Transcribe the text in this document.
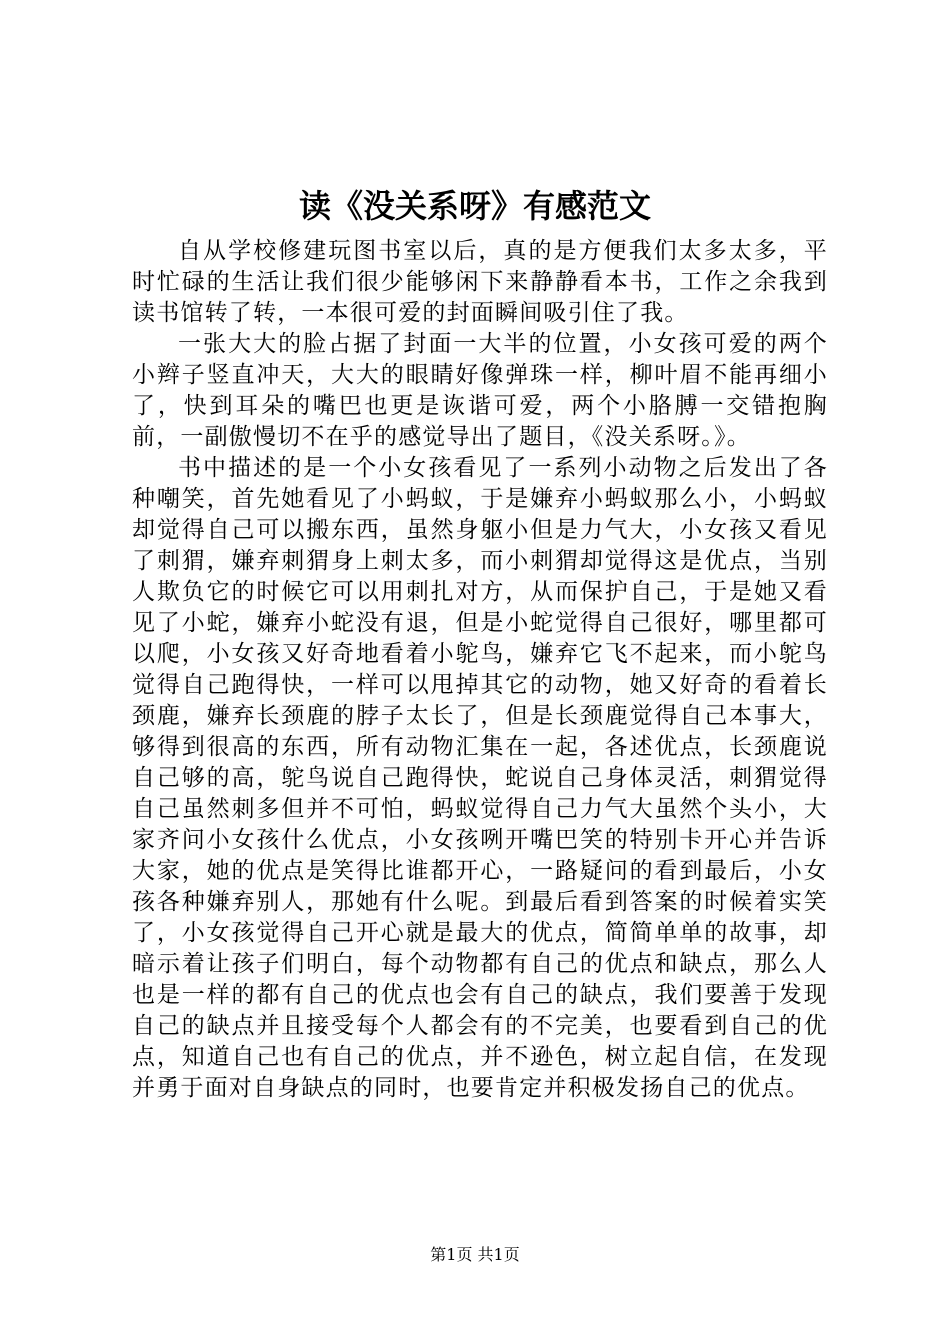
读《没关系呀》有感范文

自从学校修建玩图书室以后，真的是方便我们太多太多，平时忙碌的生活让我们很少能够闲下来静静看本书，工作之余我到读书馆转了转，一本很可爱的封面瞬间吸引住了我。

一张大大的脸占据了封面一大半的位置，小女孩可爱的两个小辫子竖直冲天，大大的眼睛好像弹珠一样，柳叶眉不能再细小了，快到耳朵的嘴巴也更是诙谐可爱，两个小胳膊一交错抱胸前，一副傲慢切不在乎的感觉导出了题目，《没关系呀。》。

书中描述的是一个小女孩看见了一系列小动物之后发出了各种嘲笑，首先她看见了小蚂蚁，于是嫌弃小蚂蚁那么小，小蚂蚁却觉得自己可以搬东西，虽然身躯小但是力气大，小女孩又看见了刺猬，嫌弃刺猬身上刺太多，而小刺猬却觉得这是优点，当别人欺负它的时候它可以用刺扎对方，从而保护自己，于是她又看见了小蛇，嫌弃小蛇没有退，但是小蛇觉得自己很好，哪里都可以爬，小女孩又好奇地看着小鸵鸟，嫌弃它飞不起来，而小鸵鸟觉得自己跑得快，一样可以甩掉其它的动物，她又好奇的看着长颈鹿，嫌弃长颈鹿的脖子太长了，但是长颈鹿觉得自己本事大，够得到很高的东西，所有动物汇集在一起，各述优点，长颈鹿说自己够的高，鸵鸟说自己跑得快，蛇说自己身体灵活，刺猬觉得自己虽然刺多但并不可怕，蚂蚁觉得自己力气大虽然个头小，大家齐问小女孩什么优点，小女孩咧开嘴巴笑的特别卡开心并告诉大家，她的优点是笑得比谁都开心，一路疑问的看到最后，小女孩各种嫌弃别人，那她有什么呢。到最后看到答案的时候着实笑了，小女孩觉得自己开心就是最大的优点，简简单单的故事，却暗示着让孩子们明白，每个动物都有自己的优点和缺点，那么人也是一样的都有自己的优点也会有自己的缺点，我们要善于发现自己的缺点并且接受每个人都会有的不完美，也要看到自己的优点，知道自己也有自己的优点，并不逊色，树立起自信，在发现并勇于面对自身缺点的同时，也要肯定并积极发扬自己的优点。

第1页 共1页
